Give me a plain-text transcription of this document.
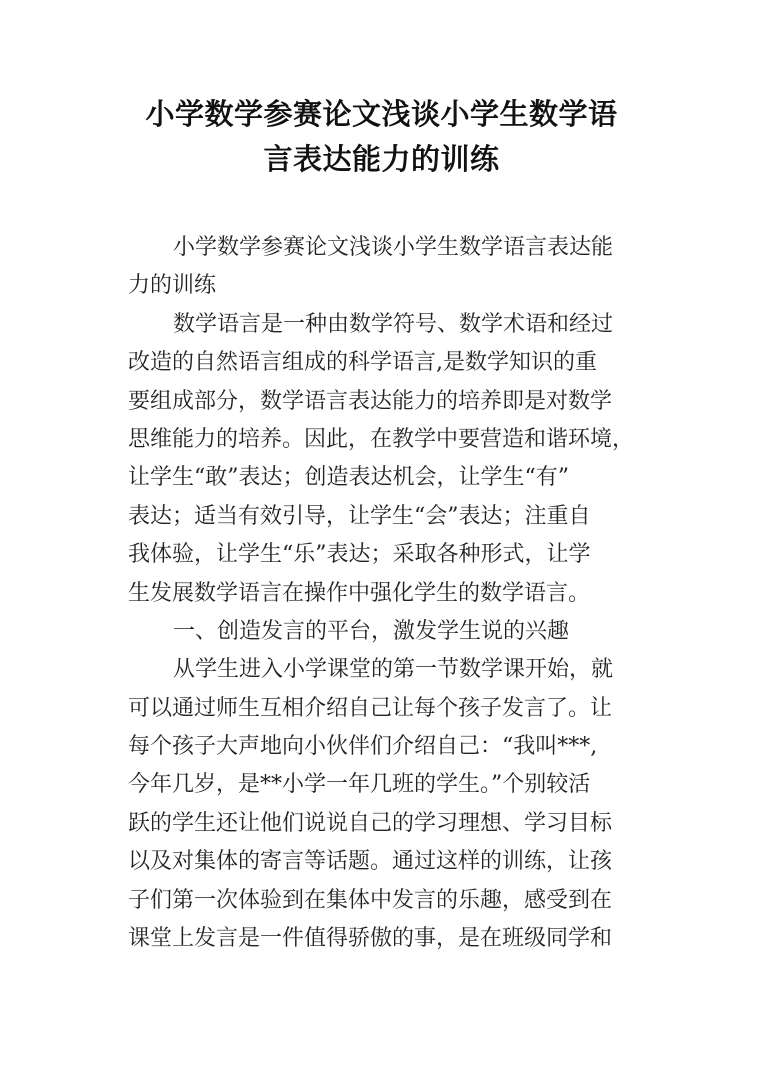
小学数学参赛论文浅谈小学生数学语
言表达能力的训练
小学数学参赛论文浅谈小学生数学语言表达能
力的训练
数学语言是一种由数学符号、数学术语和经过
改造的自然语言组成的科学语言,是数学知识的重
要组成部分，数学语言表达能力的培养即是对数学
思维能力的培养。因此，在教学中要营造和谐环境，
让学生“敢”表达；创造表达机会，让学生“有”
表达；适当有效引导，让学生“会”表达；注重自
我体验，让学生“乐”表达；采取各种形式，让学
生发展数学语言在操作中强化学生的数学语言。
一、创造发言的平台，激发学生说的兴趣
从学生进入小学课堂的第一节数学课开始，就
可以通过师生互相介绍自己让每个孩子发言了。让
每个孩子大声地向小伙伴们介绍自己：“我叫***,
今年几岁，是**小学一年几班的学生。”个别较活
跃的学生还让他们说说自己的学习理想、学习目标
以及对集体的寄言等话题。通过这样的训练，让孩
子们第一次体验到在集体中发言的乐趣，感受到在
课堂上发言是一件值得骄傲的事，是在班级同学和
